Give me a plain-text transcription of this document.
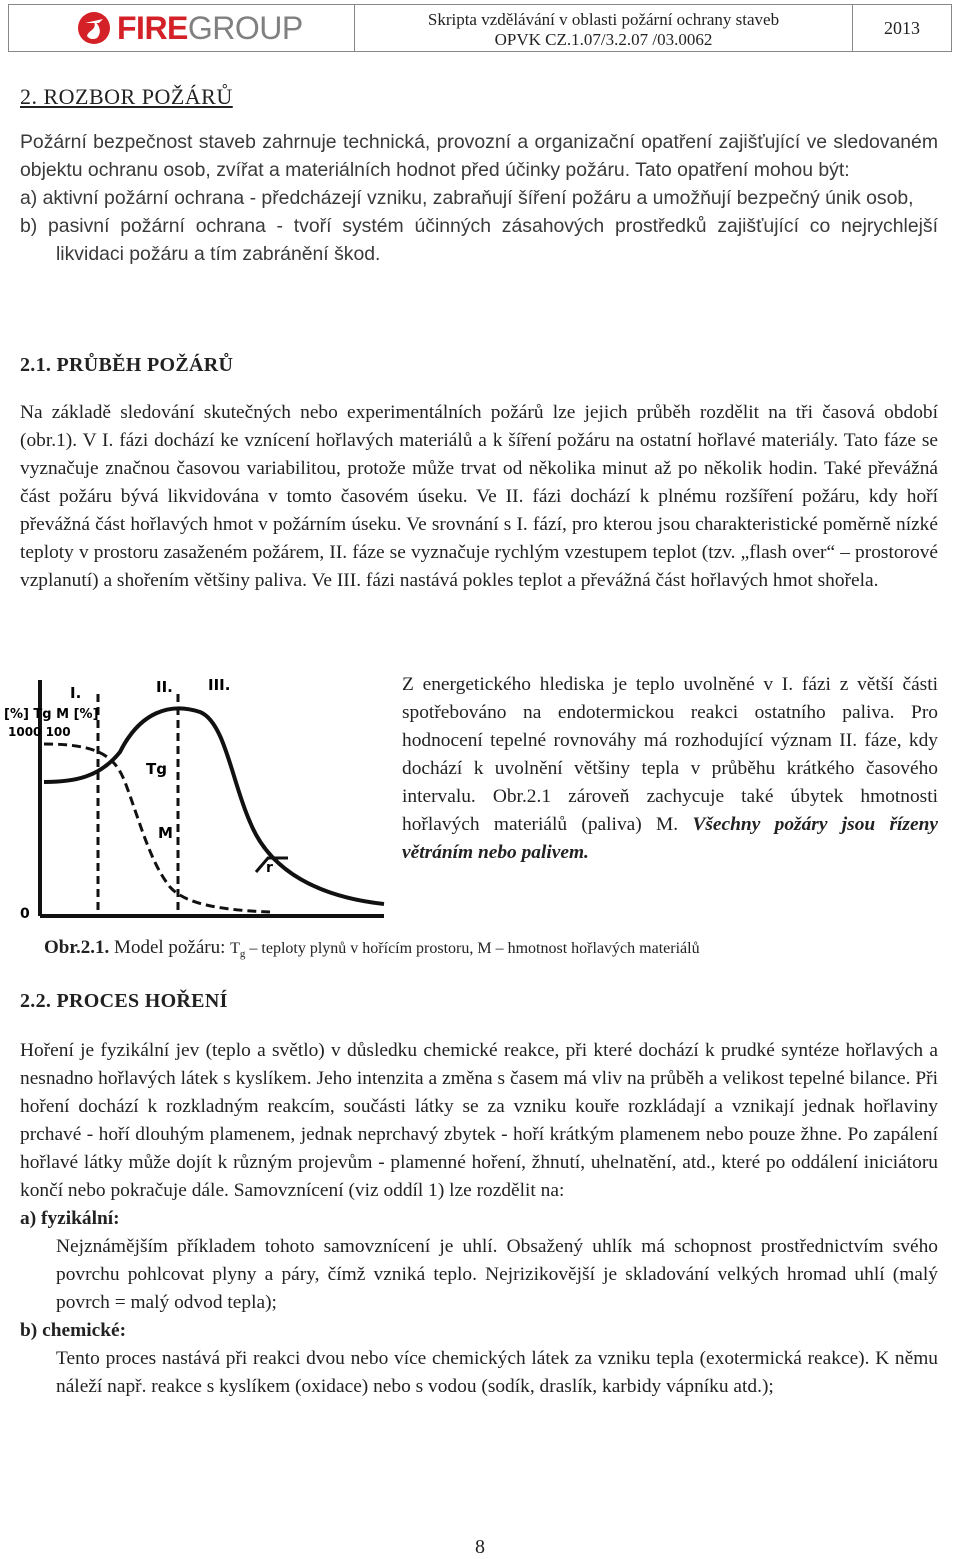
FIREGROUP	Skripta vzdělávání v oblasti požární ochrany staveb
OPVK CZ.1.07/3.2.07 /03.0062
2013
2. ROZBOR POŽÁRŮ
Požární bezpečnost staveb zahrnuje technická, provozní a organizační opatření zajišťující ve sledovaném objektu ochranu osob, zvířat a materiálních hodnot před účinky požáru. Tato opatření mohou být:
a) aktivní požární ochrana - předcházejí vzniku, zabraňují šíření požáru a umožňují bezpečný únik osob,
b) pasivní požární ochrana - tvoří systém účinných zásahových prostředků zajišťující co nejrychlejší likvidaci požáru a tím zabránění škod.
2.1. PRŮBĚH POŽÁRŮ
Na základě sledování skutečných nebo experimentálních požárů lze jejich průběh rozdělit na tři časová období (obr.1). V I. fázi dochází ke vznícení hořlavých materiálů a k šíření požáru na ostatní hořlavé materiály. Tato fáze se vyznačuje značnou časovou variabilitou, protože může trvat od několika minut až po několik hodin. Také převážná část požáru bývá likvidována v tomto časovém úseku. Ve II. fázi dochází k plnému rozšíření požáru, kdy hoří převážná část hořlavých hmot v požárním úseku. Ve srovnání s I. fází, pro kterou jsou charakteristické poměrně nízké teploty v prostoru zasaženém požárem, II. fáze se vyznačuje rychlým vzestupem teplot (tzv. „flash over“ – prostorové vzplanutí) a shořením většiny paliva. Ve III. fázi nastává pokles teplot a převážná část hořlavých hmot shořela.
I.	II. III.
[%] Tg M [%]
1000 100
0
Tg
M
r
Z energetického hlediska je teplo uvolněné v I. fázi z větší části spotřebováno na endotermickou reakci ostatního paliva. Pro hodnocení tepelné rovnováhy má rozhodující význam II. fáze, kdy dochází k uvolnění většiny tepla v průběhu krátkého časového intervalu. Obr.2.1 zároveň zachycuje také úbytek hmotnosti hořlavých materiálů (paliva) M. Všechny požáry jsou řízeny větráním nebo palivem.
Obr.2.1. Model požáru: $T_g$ – teploty plynů v hořícím prostoru, M – hmotnost hořlavých materiálů
2.2. PROCES HOŘENÍ
Hoření je fyzikální jev (teplo a světlo) v důsledku chemické reakce, při které dochází k prudké syntéze hořlavých a nesnadno hořlavých látek s kyslíkem. Jeho intenzita a změna s časem má vliv na průběh a velikost tepelné bilance. Při hoření dochází k rozkladným reakcím, součásti látky se za vzniku kouře rozkládají a vznikají jednak hořlaviny prchavé - hoří dlouhým plamenem, jednak neprchavý zbytek - hoří krátkým plamenem nebo pouze žhne. Po zapálení hořlavé látky může dojít k různým projevům - plamenné hoření, žhnutí, uhelnatění, atd., které po oddálení iniciátoru končí nebo pokračuje dále. Samovznícení (viz oddíl 1) lze rozdělit na:
a) fyzikální:
Nejznámějším příkladem tohoto samovznícení je uhlí. Obsažený uhlík má schopnost prostřednictvím svého povrchu pohlcovat plyny a páry, čímž vzniká teplo. Nejrizikovější je skladování velkých hromad uhlí (malý povrch = malý odvod tepla);
b) chemické:
Tento proces nastává při reakci dvou nebo více chemických látek za vzniku tepla (exotermická reakce). K němu náleží např. reakce s kyslíkem (oxidace) nebo s vodou (sodík, draslík, karbidy vápníku atd.);
8
